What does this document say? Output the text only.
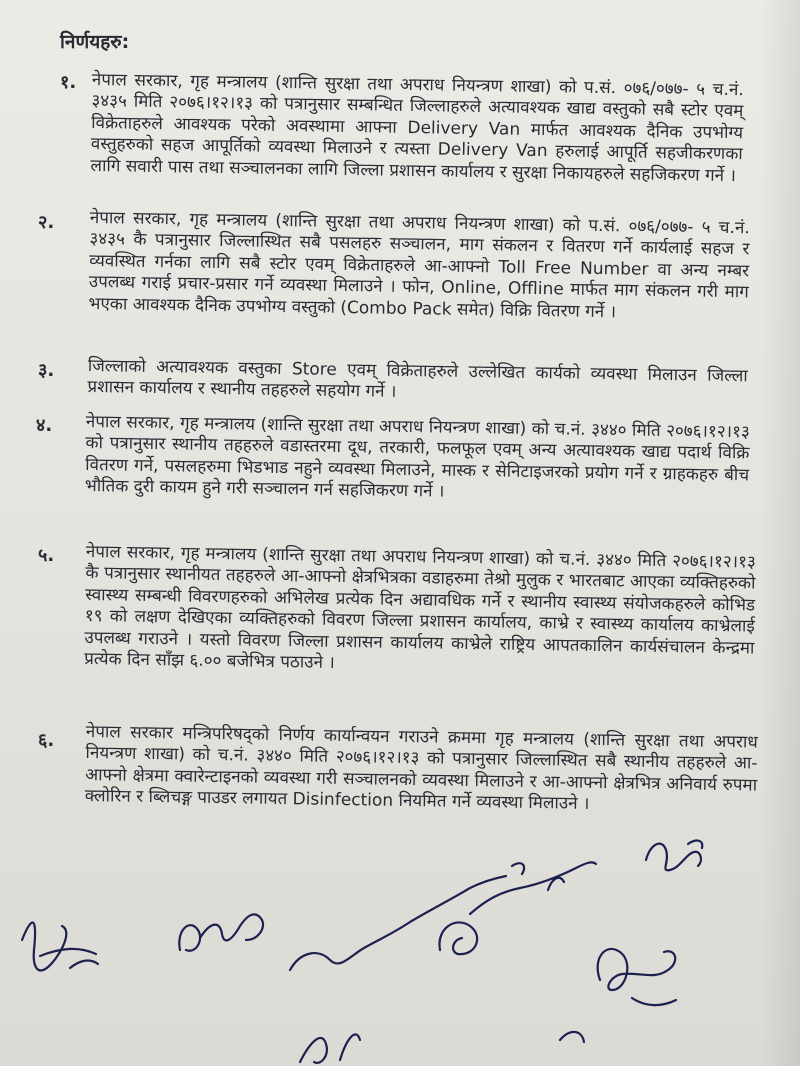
निर्णयहरु:
१. नेपाल सरकार, गृह मन्त्रालय (शान्ति सुरक्षा तथा अपराध नियन्त्रण शाखा) को प.सं. ०७६/०७७- ५ च.नं. ३४३५ मिति २०७६।१२।१३ को पत्रानुसार सम्बन्धित जिल्लाहरुले अत्यावश्यक खाद्य वस्तुको सबै स्टोर एवम् विक्रेताहरुले आवश्यक परेको अवस्थामा आफ्ना Delivery Van मार्फत आवश्यक दैनिक उपभोग्य वस्तुहरुको सहज आपूर्तिको व्यवस्था मिलाउने र त्यस्ता Delivery Van हरुलाई आपूर्ति सहजीकरणका लागि सवारी पास तथा सञ्चालनका लागि जिल्ला प्रशासन कार्यालय र सुरक्षा निकायहरुले सहजिकरण गर्ने ।

२. नेपाल सरकार, गृह मन्त्रालय (शान्ति सुरक्षा तथा अपराध नियन्त्रण शाखा) को प.सं. ०७६/०७७- ५ च.नं. ३४३५ कै पत्रानुसार जिल्लास्थित सबै पसलहरु सञ्चालन, माग संकलन र वितरण गर्ने कार्यलाई सहज र व्यवस्थित गर्नका लागि सबै स्टोर एवम् विक्रेताहरुले आ-आफ्नो Toll Free Number वा अन्य नम्बर उपलब्ध गराई प्रचार-प्रसार गर्ने व्यवस्था मिलाउने । फोन, Online, Offline मार्फत माग संकलन गरी माग भएका आवश्यक दैनिक उपभोग्य वस्तुको (Combo Pack समेत) विक्रि वितरण गर्ने ।

३. जिल्लाको अत्यावश्यक वस्तुका Store एवम् विक्रेताहरुले उल्लेखित कार्यको व्यवस्था मिलाउन जिल्ला प्रशासन कार्यालय र स्थानीय तहहरुले सहयोग गर्ने ।

४. नेपाल सरकार, गृह मन्त्रालय (शान्ति सुरक्षा तथा अपराध नियन्त्रण शाखा) को च.नं. ३४४० मिति २०७६।१२।१३ को पत्रानुसार स्थानीय तहहरुले वडास्तरमा दूध, तरकारी, फलफूल एवम् अन्य अत्यावश्यक खाद्य पदार्थ विक्रि वितरण गर्ने, पसलहरुमा भिडभाड नहुने व्यवस्था मिलाउने, मास्क र सेनिटाइजरको प्रयोग गर्ने र ग्राहकहरु बीच भौतिक दुरी कायम हुने गरी सञ्चालन गर्न सहजिकरण गर्ने ।

५. नेपाल सरकार, गृह मन्त्रालय (शान्ति सुरक्षा तथा अपराध नियन्त्रण शाखा) को च.नं. ३४४० मिति २०७६।१२।१३ कै पत्रानुसार स्थानीयत तहहरुले आ-आफ्नो क्षेत्रभित्रका वडाहरुमा तेश्रो मुलुक र भारतबाट आएका व्यक्तिहरुको स्वास्थ्य सम्बन्धी विवरणहरुको अभिलेख प्रत्येक दिन अद्यावधिक गर्ने र स्थानीय स्वास्थ्य संयोजकहरुले कोभिड १९ को लक्षण देखिएका व्यक्तिहरुको विवरण जिल्ला प्रशासन कार्यालय, काभ्रे र स्वास्थ्य कार्यालय काभ्रेलाई उपलब्ध गराउने । यस्तो विवरण जिल्ला प्रशासन कार्यालय काभ्रेले राष्ट्रिय आपतकालिन कार्यसंचालन केन्द्रमा प्रत्येक दिन साँझ ६.०० बजेभित्र पठाउने ।

६. नेपाल सरकार मन्त्रिपरिषद्को निर्णय कार्यान्वयन गराउने क्रममा गृह मन्त्रालय (शान्ति सुरक्षा तथा अपराध नियन्त्रण शाखा) को च.नं. ३४४० मिति २०७६।१२।१३ को पत्रानुसार जिल्लास्थित सबै स्थानीय तहहरुले आ-आफ्नो क्षेत्रमा क्वारेन्टाइनको व्यवस्था गरी सञ्चालनको व्यवस्था मिलाउने र आ-आफ्नो क्षेत्रभित्र अनिवार्य रुपमा क्लोरिन र ब्लिचङ्ग पाउडर लगायत Disinfection नियमित गर्ने व्यवस्था मिलाउने ।
